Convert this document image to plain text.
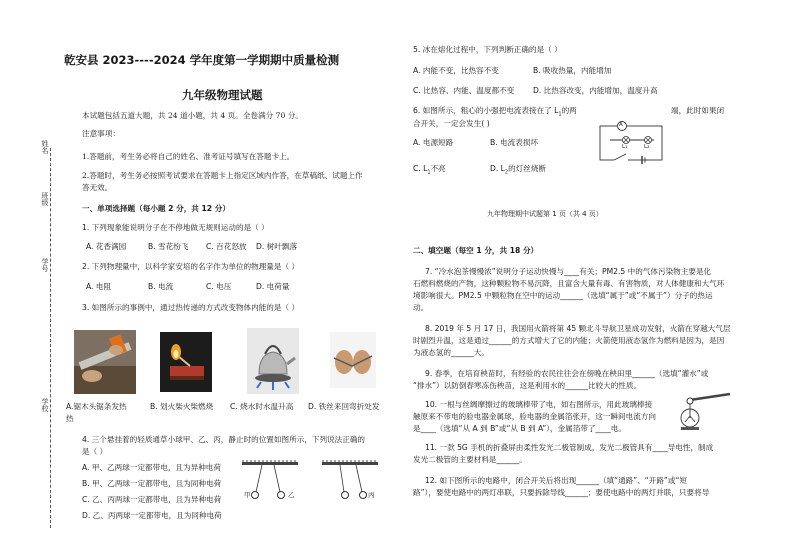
姓名
班级
学号
学校
乾安县 2023----2024 学年度第一学期期中质量检测
九年级物理试题
本试题包括五道大题，共 24 道小题，共 4 页。全卷满分 70 分。
注意事项：
1.答题前，考生务必将自己的姓名、准考证号填写在答题卡上。
2.答题时，考生务必按照考试要求在答题卡上指定区域内作答，在草稿纸、试题上作
答无效。
一、单项选择题（每小题 2 分，共 12 分）
1. 下列现象能说明分子在不停地做无规则运动的是（ ）
A. 花香满园	B. 雪花纷飞 C. 百花怒放 D. 树叶飘落
2. 下列物理量中，以科学家安培的名字作为单位的物理量是（ ）
A. 电阻	B. 电流	C. 电压	D. 电荷量
3. 如图所示的事例中，通过热传递的方式改变物体内能的是（ ）
A.锯木头锯条发热	B. 划火柴火柴燃烧 C. 烧水时水温升高 D. 铁丝来回弯折处发
热
4. 三个悬挂着的轻质通草小球甲、乙、丙，静止时的位置如图所示，下列说法正确的
是（ ）
A. 甲、乙两球一定都带电，且为异种电荷
B. 甲、乙两球一定都带电，且为同种电荷
C. 乙、丙两球一定都带电，且为异种电荷
D. 乙、丙两球一定都带电，且为同种电荷
甲	乙	丙
5. 冰在熔化过程中，下列判断正确的是（ ）
A. 内能不变，比热容不变	B. 吸收热量，内能增加
C. 比热容、内能、温度都不变 D. 比热容改变，内能增加，温度升高
6. 如图所示，粗心的小强把电流表接在了 $L_1$的两	端，此时如果闭
合开关，一定会发生( )
A. 电源短路	B. 电流表损坏
C. $L_1$不亮	D. $L_2$的灯丝烧断
A
L₁	L₂
九年物理期中试题第 1 页（共 4 页）
二、填空题（每空 1 分，共 18 分）
7. “冷水泡茶慢慢浓”说明分子运动快慢与____有关；PM2.5 中的气体污染物主要是化
石燃料燃烧的产物，这种颗粒物不易沉降，且富含大量有毒、有害物质，对人体健康和大气环
境影响很大。PM2.5 中颗粒物在空中的运动______（选填“属于”或“不属于”）分子的热运
动。
8. 2019 年 5 月 17 日，我国用火箭将第 45 颗北斗导航卫星成功发射，火箭在穿越大气层
时剧烈升温，这是通过______的方式增大了它的内能；火箭使用液态氢作为燃料是因为，是因
为液态氢的______大。
9. 春季，在培育秧苗时，有经验的农民往往会在傍晚在秧田里______（选填“灌水”或
“排水”）以防倒春寒冻伤秧苗，这是利用水的______比较大的性质。
10. 一根与丝绸摩擦过的玻璃棒带了电，如右图所示，用此玻璃棒接
触原来不带电的验电器金属球，验电器的金属箔张开，这一瞬间电流方向
是____（选填“从 A 到 B”或“从 B 到 A”），金属箔带了____电。
11. 一款 5G 手机的折叠屏由柔性发光二极管制成，发光二极管具有____导电性，制成
发光二极管的主要材料是______。
12. 如下图所示的电路中，闭合开关后将出现______（填“通路”、“开路”或“短
路”），要使电路中的两灯串联，只要拆除导线______；要使电路中的两灯并联，只要将导
